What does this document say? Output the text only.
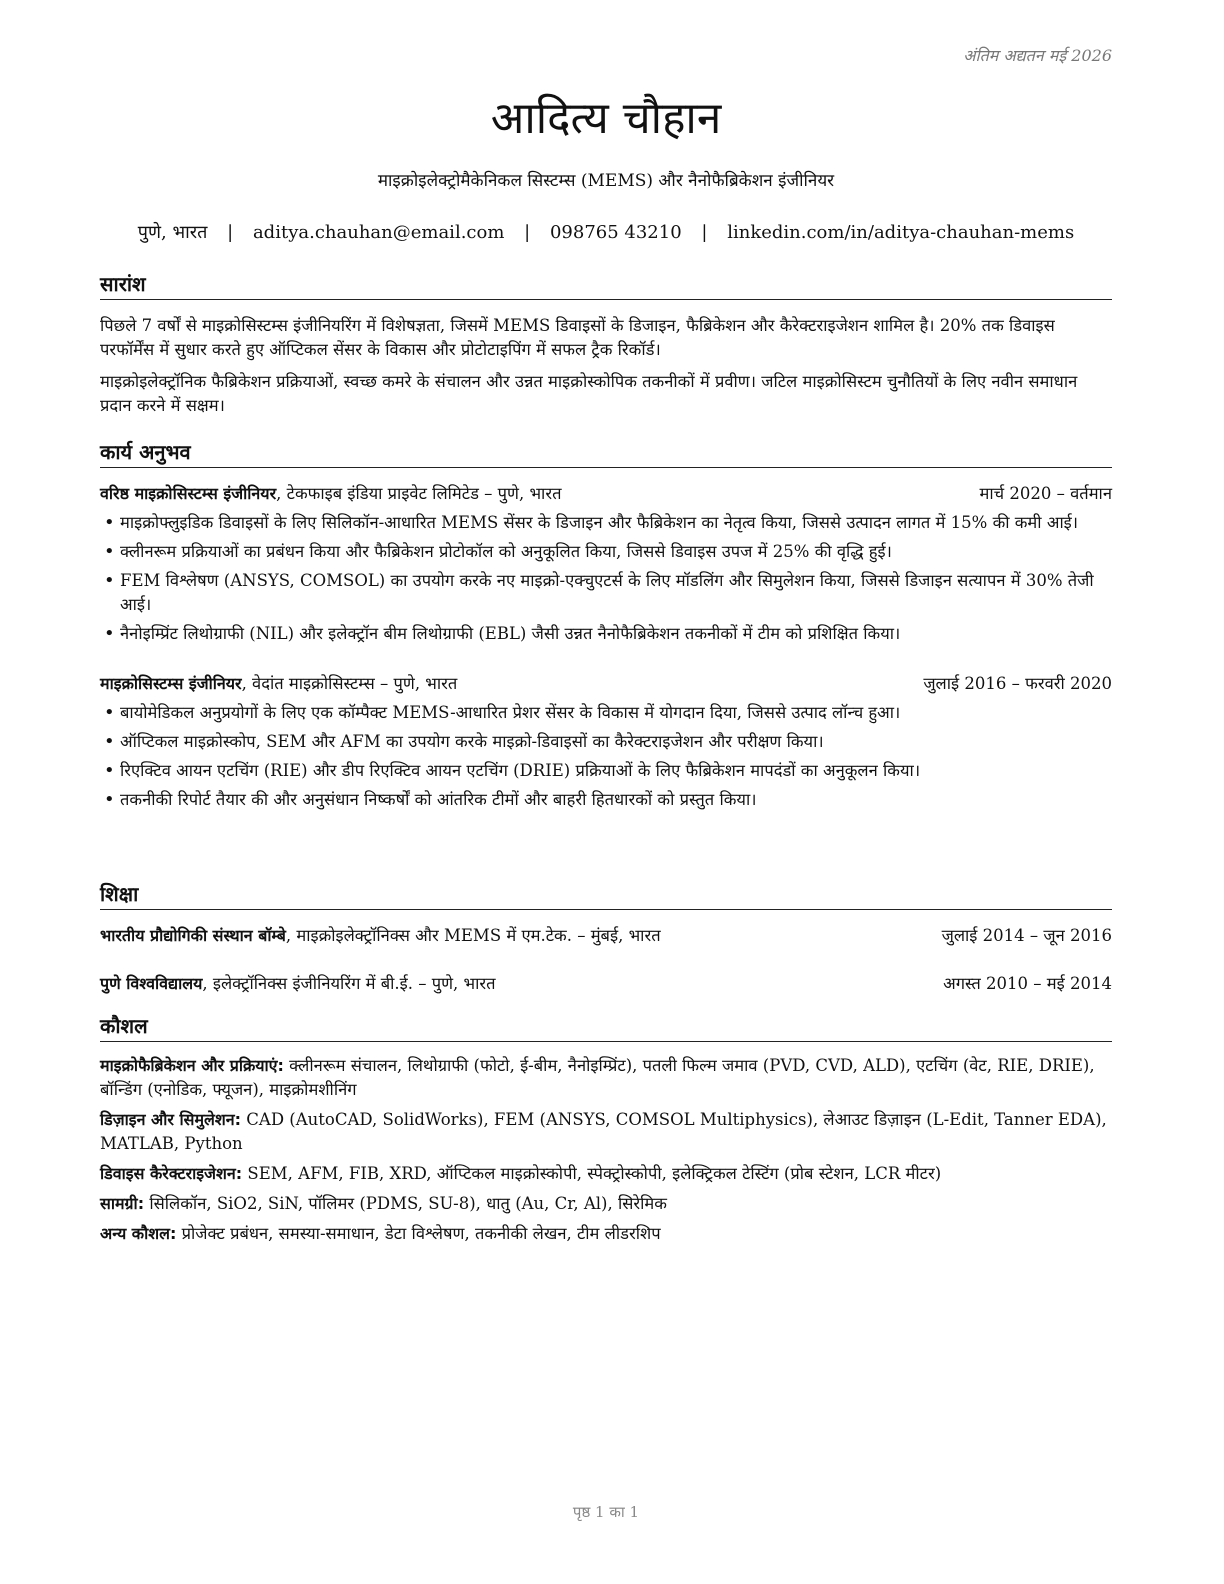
अंतिम अद्यतन मई 2026
आदित्य चौहान
माइक्रोइलेक्ट्रोमैकेनिकल सिस्टम्स (MEMS) और नैनोफैब्रिकेशन इंजीनियर
पुणे, भारत | aditya.chauhan@email.com | 098765 43210 | linkedin.com/in/aditya-chauhan-mems
सारांश

पिछले 7 वर्षों से माइक्रोसिस्टम्स इंजीनियरिंग में विशेषज्ञता, जिसमें MEMS डिवाइसों के डिजाइन, फैब्रिकेशन और कैरेक्टराइजेशन शामिल है। 20% तक डिवाइस परफॉर्मेंस में सुधार करते हुए ऑप्टिकल सेंसर के विकास और प्रोटोटाइपिंग में सफल ट्रैक रिकॉर्ड।

माइक्रोइलेक्ट्रॉनिक फैब्रिकेशन प्रक्रियाओं, स्वच्छ कमरे के संचालन और उन्नत माइक्रोस्कोपिक तकनीकों में प्रवीण। जटिल माइक्रोसिस्टम चुनौतियों के लिए नवीन समाधान प्रदान करने में सक्षम।

कार्य अनुभव
वरिष्ठ माइक्रोसिस्टम्स इंजीनियर, टेकफाइब इंडिया प्राइवेट लिमिटेड – पुणे, भारत	मार्च 2020 – वर्तमान
• माइक्रोफ्लुइडिक डिवाइसों के लिए सिलिकॉन-आधारित MEMS सेंसर के डिजाइन और फैब्रिकेशन का नेतृत्व किया, जिससे उत्पादन लागत में 15% की कमी आई।
• क्लीनरूम प्रक्रियाओं का प्रबंधन किया और फैब्रिकेशन प्रोटोकॉल को अनुकूलित किया, जिससे डिवाइस उपज में 25% की वृद्धि हुई।
• FEM विश्लेषण (ANSYS, COMSOL) का उपयोग करके नए माइक्रो-एक्चुएटर्स के लिए मॉडलिंग और सिमुलेशन किया, जिससे डिजाइन सत्यापन में 30% तेजी आई।
• नैनोइम्प्रिंट लिथोग्राफी (NIL) और इलेक्ट्रॉन बीम लिथोग्राफी (EBL) जैसी उन्नत नैनोफैब्रिकेशन तकनीकों में टीम को प्रशिक्षित किया।
माइक्रोसिस्टम्स इंजीनियर, वेदांत माइक्रोसिस्टम्स – पुणे, भारत	जुलाई 2016 – फरवरी 2020
• बायोमेडिकल अनुप्रयोगों के लिए एक कॉम्पैक्ट MEMS-आधारित प्रेशर सेंसर के विकास में योगदान दिया, जिससे उत्पाद लॉन्च हुआ।
• ऑप्टिकल माइक्रोस्कोप, SEM और AFM का उपयोग करके माइक्रो-डिवाइसों का कैरेक्टराइजेशन और परीक्षण किया।
• रिएक्टिव आयन एटचिंग (RIE) और डीप रिएक्टिव आयन एटचिंग (DRIE) प्रक्रियाओं के लिए फैब्रिकेशन मापदंडों का अनुकूलन किया।
• तकनीकी रिपोर्ट तैयार की और अनुसंधान निष्कर्षों को आंतरिक टीमों और बाहरी हितधारकों को प्रस्तुत किया।
शिक्षा
भारतीय प्रौद्योगिकी संस्थान बॉम्बे, माइक्रोइलेक्ट्रॉनिक्स और MEMS में एम.टेक. – मुंबई, भारत	जुलाई 2014 – जून 2016
पुणे विश्वविद्यालय, इलेक्ट्रॉनिक्स इंजीनियरिंग में बी.ई. – पुणे, भारत	अगस्त 2010 – मई 2014
कौशल

माइक्रोफैब्रिकेशन और प्रक्रियाएं: क्लीनरूम संचालन, लिथोग्राफी (फोटो, ई-बीम, नैनोइम्प्रिंट), पतली फिल्म जमाव (PVD, CVD, ALD), एटचिंग (वेट, RIE, DRIE), बॉन्डिंग (एनोडिक, फ्यूजन), माइक्रोमशीनिंग

डिज़ाइन और सिमुलेशन: CAD (AutoCAD, SolidWorks), FEM (ANSYS, COMSOL Multiphysics), लेआउट डिज़ाइन (L-Edit, Tanner EDA), MATLAB, Python

डिवाइस कैरेक्टराइजेशन: SEM, AFM, FIB, XRD, ऑप्टिकल माइक्रोस्कोपी, स्पेक्ट्रोस्कोपी, इलेक्ट्रिकल टेस्टिंग (प्रोब स्टेशन, LCR मीटर)

सामग्री: सिलिकॉन, SiO2, SiN, पॉलिमर (PDMS, SU-8), धातु (Au, Cr, Al), सिरेमिक

अन्य कौशल: प्रोजेक्ट प्रबंधन, समस्या-समाधान, डेटा विश्लेषण, तकनीकी लेखन, टीम लीडरशिप

पृष्ठ 1 का 1
